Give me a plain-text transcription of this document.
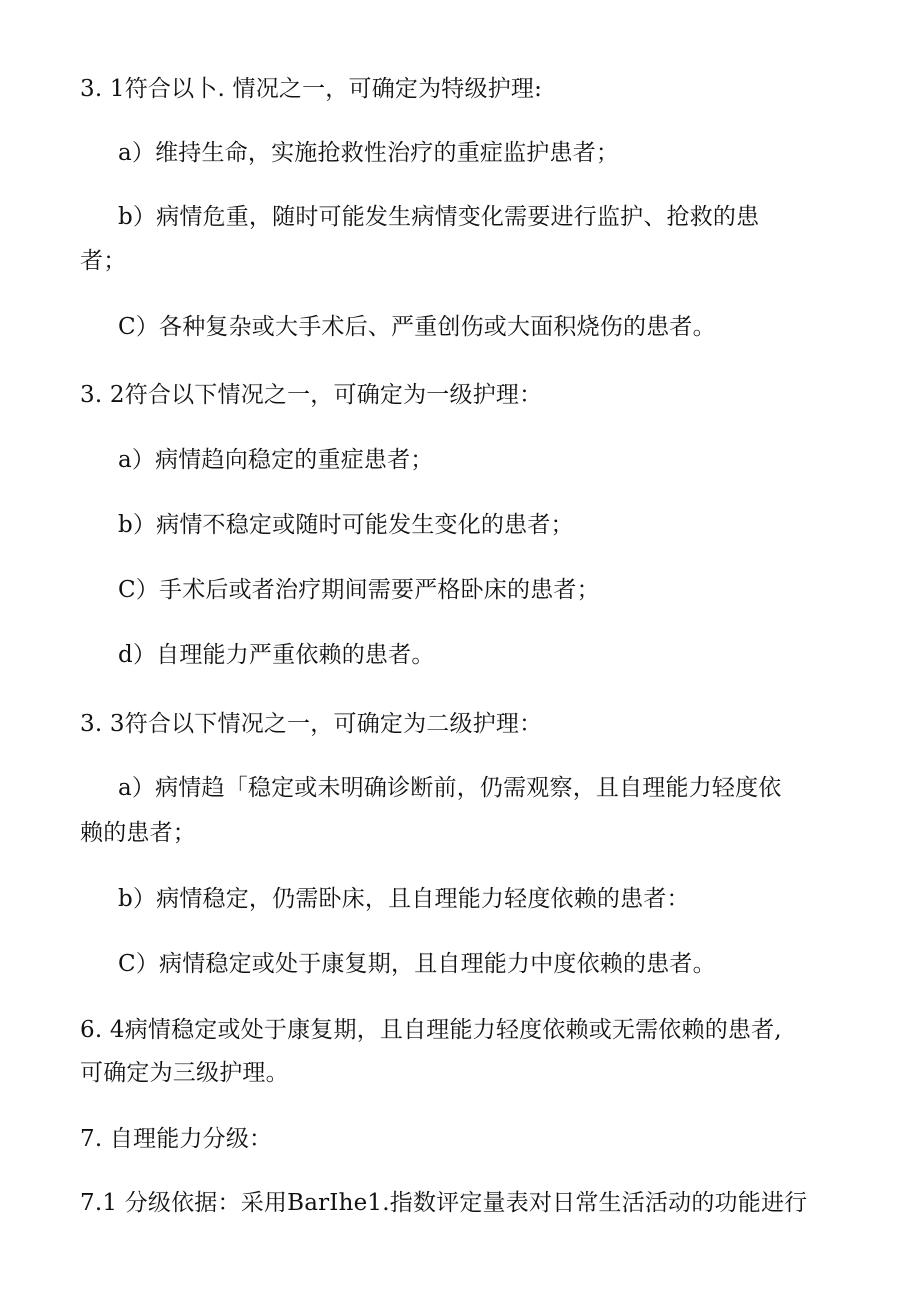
3. 1符合以卜. 情况之一，可确定为特级护理:
a）维持生命，实施抢救性治疗的重症监护患者；
b）病情危重，随时可能发生病情变化需要进行监护、抢救的患
者；
C）各种复杂或大手术后、严重创伤或大面积烧伤的患者。
3. 2符合以下情况之一，可确定为一级护理：
a）病情趋向稳定的重症患者；
b）病情不稳定或随时可能发生变化的患者；
C）手术后或者治疗期间需要严格卧床的患者；
d）自理能力严重依赖的患者。
3. 3符合以下情况之一，可确定为二级护理：
a）病情趋「稳定或未明确诊断前，仍需观察，且自理能力轻度依
赖的患者；
b）病情稳定，仍需卧床，且自理能力轻度依赖的患者：
C）病情稳定或处于康复期，且自理能力中度依赖的患者。
6. 4病情稳定或处于康复期，且自理能力轻度依赖或无需依赖的患者,
可确定为三级护理。
7. 自理能力分级：
7.1 分级依据：采用BarIhe1.指数评定量表对日常生活活动的功能进行
